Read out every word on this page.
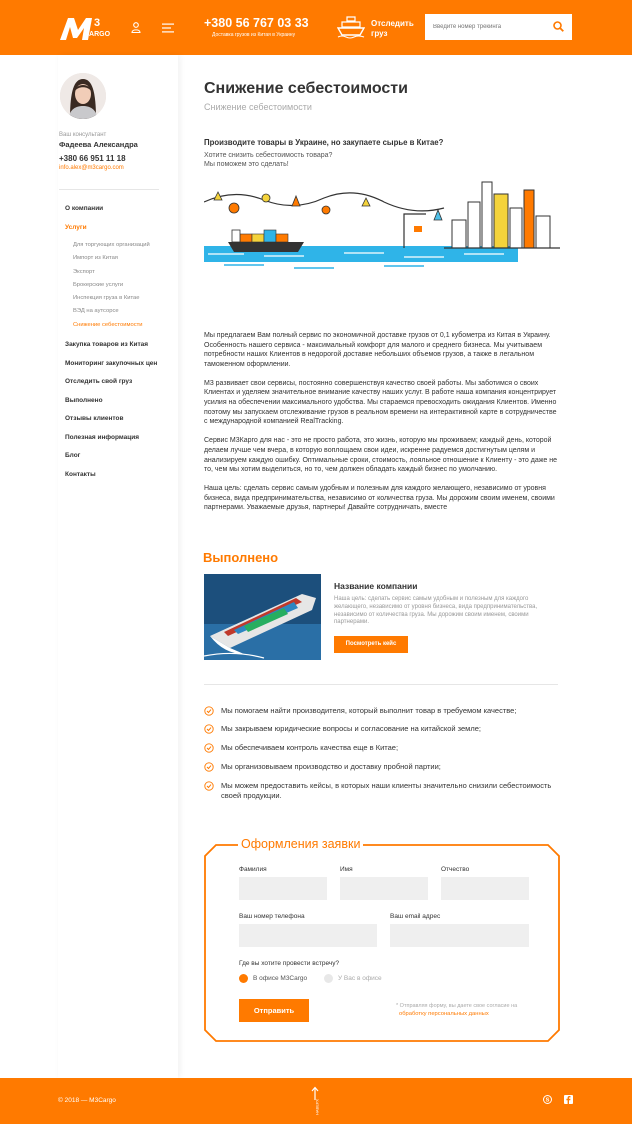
3
CARGO
+380 56 767 03 33
Доставка грузов из Китая в Украину
Отследить груз
Введите номер трекинга
Ваш консультант
Фадеева Александра
+380 66 951 11 18
info.alex@m3cargo.com
О компании
Услуги
Для торгующих организаций
Импорт из Китая
Экспорт
Брокерские услуги
Инспекция груза в Китае
ВЭД на аутсорсе
Снижение себестоимости
Закупка товаров из Китая
Мониторинг закупочных цен
Отследить свой груз
Выполнено
Отзывы клиентов
Полезная информация
Блог
Контакты
Снижение себестоимости
Снижение себестоимости
Производите товары в Украине, но закупаете сырье в Китае?
Хотите снизить себестоимость товара?
Мы поможем это сделать!

Мы предлагаем Вам полный сервис по экономичной доставке грузов от 0,1 кубометра из Китая в Украину. Особенность нашего сервиса - максимальный комфорт для малого и среднего бизнеса. Мы учитываем потребности наших Клиентов в недорогой доставке небольших объемов грузов, а также в легальном таможенном оформлении.

М3 развивает свои сервисы, постоянно совершенствуя качество своей работы. Мы заботимся о своих Клиентах и уделяем значительное внимание качеству наших услуг. В работе наша компания концентрирует усилия на обеспечении максимального удобства. Мы стараемся превосходить ожидания Клиентов. Именно поэтому мы запускаем отслеживание грузов в реальном времени на интерактивной карте в сотрудничестве с международной компанией RealTracking.

Сервис М3Карго для нас - это не просто работа, это жизнь, которую мы проживаем; каждый день, которой делаем лучше чем вчера, в которую воплощаем свои идеи, искренне радуемся достигнутым целям и анализируем каждую ошибку. Оптимальные сроки, стоимость, лояльное отношение к Клиенту - это даже не то, чем мы хотим выделиться, но то, чем должен обладать каждый бизнес по умолчанию.

Наша цель: сделать сервис самым удобным и полезным для каждого желающего, независимо от уровня бизнеса, вида предпринимательства, независимо от количества груза. Мы дорожим своим именем, своими партнерами. Уважаемые друзья, партнеры! Давайте сотрудничать, вместе

Выполнено
Название компании

Наша цель: сделать сервис самым удобным и полезным для каждого желающего, независимо от уровня бизнеса, вида предпринимательства, независимо от количества груза. Мы дорожим своим именем, своими партнерами.

Посмотреть кейс
Мы помогаем найти производителя, который выполнит товар в требуемом качестве;
Мы закрываем юридические вопросы и согласование на китайской земле;
Мы обеспечиваем контроль качества еще в Китае;
Мы организовываем производство и доставку пробной партии;
Мы можем предоставить кейсы, в которых наши клиенты значительно снизили себестоимость своей продукции.
Оформления заявки
Фамилия	Имя	Отчество
Ваш номер телефона	Ваш email адрес
Где вы хотите провести встречу?
В офисе М3Cargo	У Вас в офисе
Отправить	* Отправляя форму, вы даете свое согласие на
обработку персональных данных
© 2018 — M3Cargo	НАВЕРХ	S
